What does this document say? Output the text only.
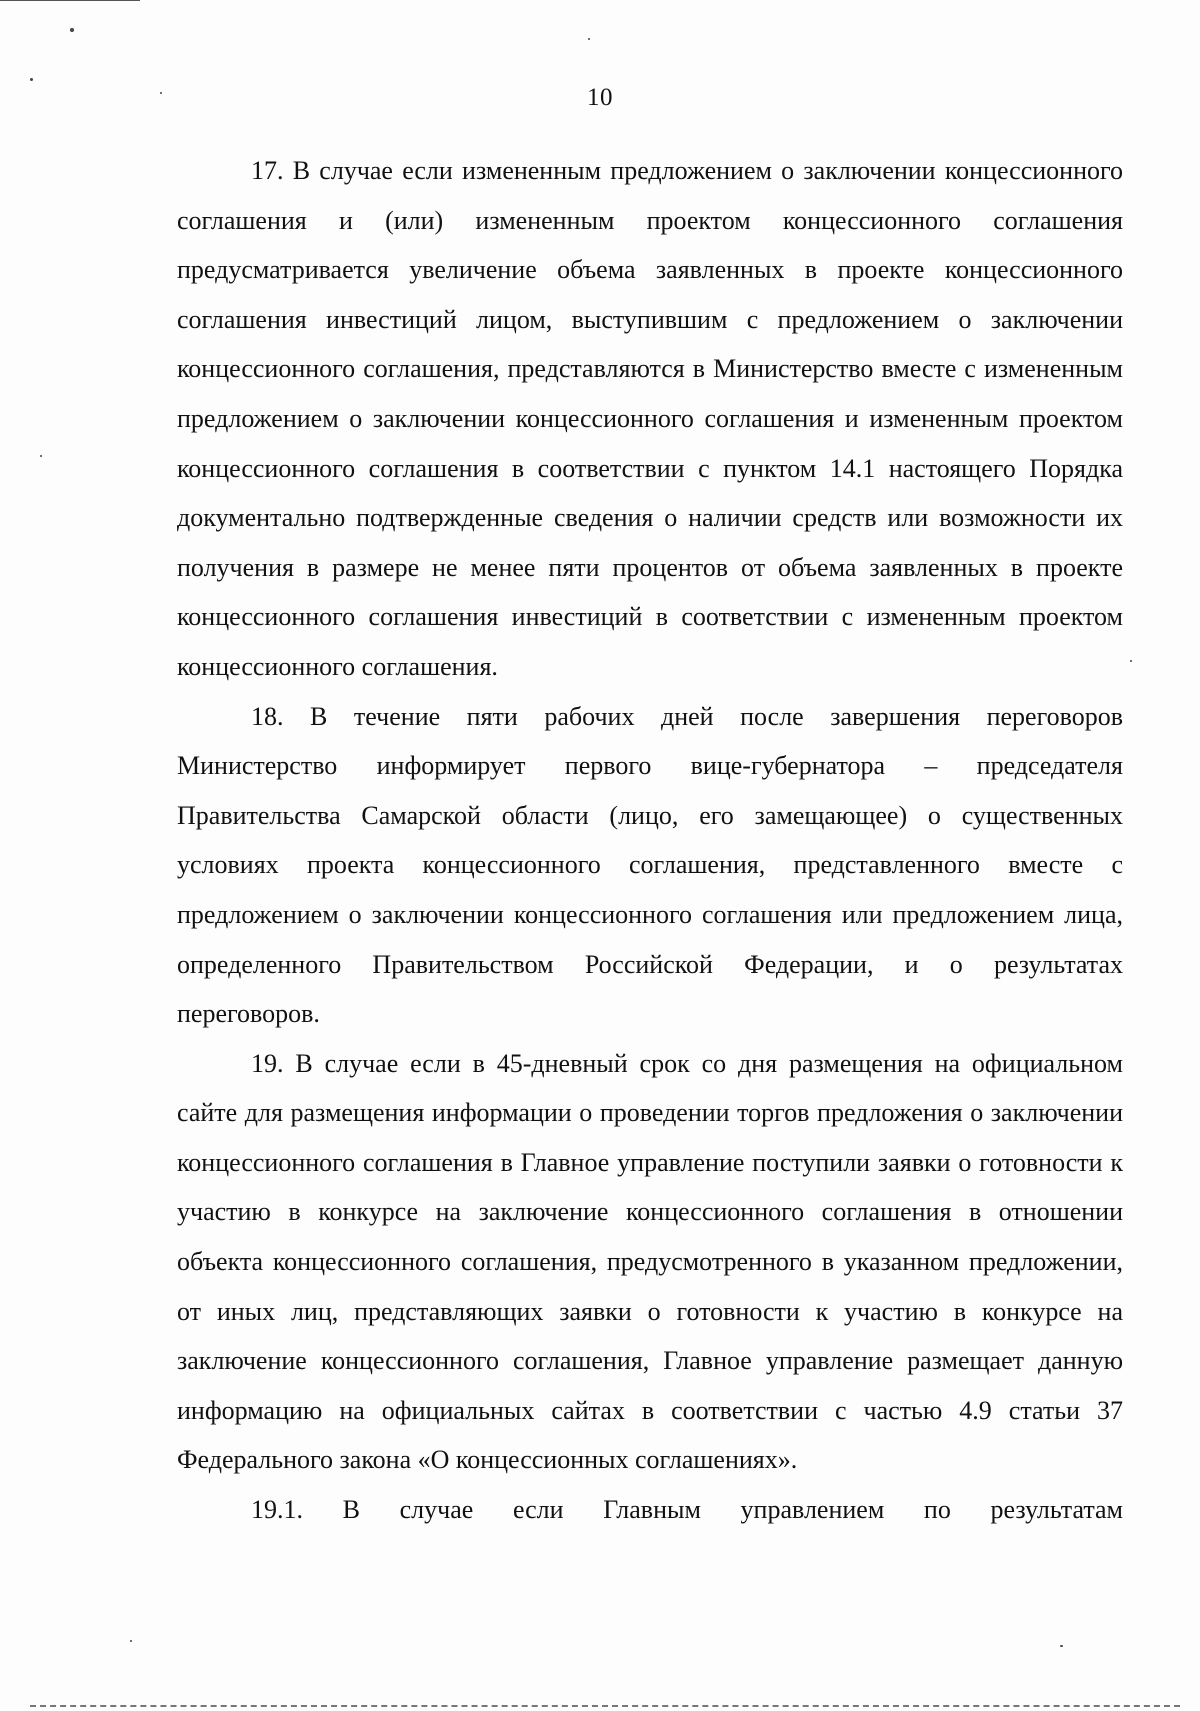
10

17. В случае если измененным предложением о заключении концессионного соглашения и (или) измененным проектом концессионного соглашения предусматривается увеличение объема заявленных в проекте концессионного соглашения инвестиций лицом, выступившим с предложением о заключении концессионного соглашения, представляются в Министерство вместе с измененным предложением о заключении концессионного соглашения и измененным проектом концессионного соглашения в соответствии с пунктом 14.1 настоящего Порядка документально подтвержденные сведения о наличии средств или возможности их получения в размере не менее пяти процентов от объема заявленных в проекте концессионного соглашения инвестиций в соответствии с измененным проектом концессионного соглашения.

18. В течение пяти рабочих дней после завершения переговоров Министерство информирует первого вице-губернатора – председателя Правительства Самарской области (лицо, его замещающее) о существенных условиях проекта концессионного соглашения, представленного вместе с предложением о заключении концессионного соглашения или предложением лица, определенного Правительством Российской Федерации, и о результатах переговоров.

19. В случае если в 45-дневный срок со дня размещения на официальном сайте для размещения информации о проведении торгов предложения о заключении концессионного соглашения в Главное управление поступили заявки о готовности к участию в конкурсе на заключение концессионного соглашения в отношении объекта концессионного соглашения, предусмотренного в указанном предложении, от иных лиц, представляющих заявки о готовности к участию в конкурсе на заключение концессионного соглашения, Главное управление размещает данную информацию на официальных сайтах в соответствии с частью 4.9 статьи 37 Федерального закона «О концессионных соглашениях».

19.1. В случае если Главным управлением по результатам
